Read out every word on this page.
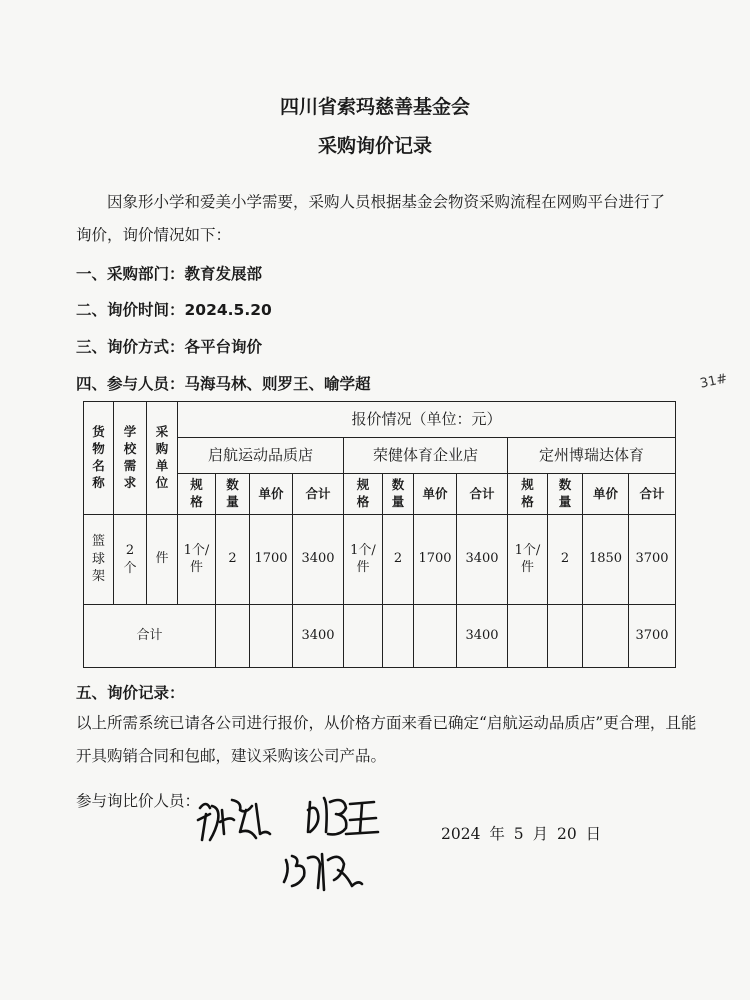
四川省索玛慈善基金会
采购询价记录
因象形小学和爱美小学需要，采购人员根据基金会物资采购流程在网购平台进行了询价，询价情况如下：
一、采购部门：教育发展部
二、询价时间：2024.5.20
三、询价方式：各平台询价
四、参与人员：马海马林、则罗王、喻学超	31#
货物名称	学校需求	采购单位	报价情况（单位：元）											
			启航运动品质店				荣健体育企业店				定州博瑞达体育			
			规格	数量	单价	合计	规格	数量	单价	合计	规格	数量	单价	合计
篮球架	2个	件	1个/件	2	1700	3400	1个/件	2	1700	3400	1个/件	2	1850	3700
合计						3400				3400				3700
五、询价记录：
以上所需系统已请各公司进行报价，从价格方面来看已确定“启航运动品质店”更合理，且能开具购销合同和包邮，建议采购该公司产品。
参与询比价人员：
2024 年 5 月 20 日
